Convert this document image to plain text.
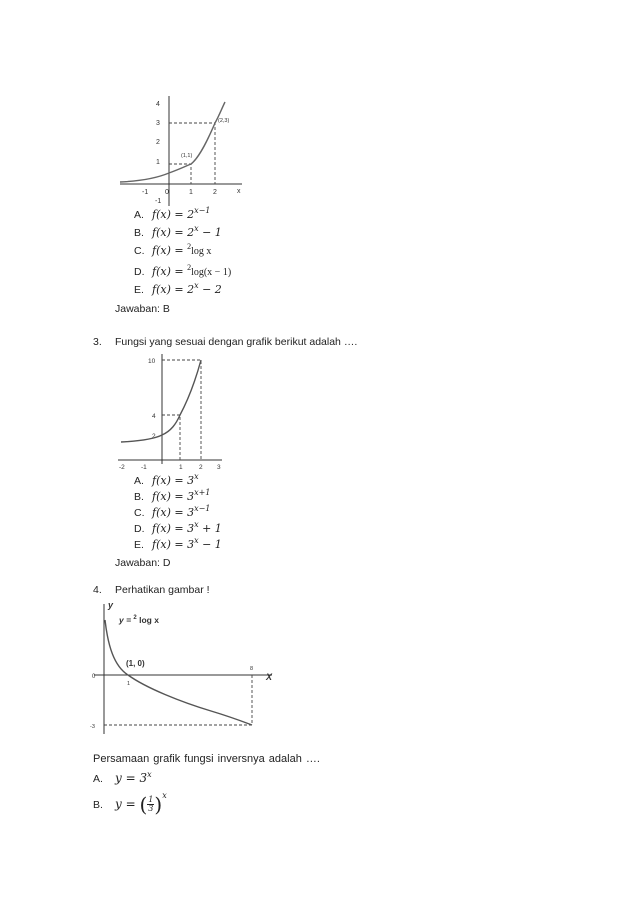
4
3
2
1
-1
-1 0	1	2	x
(1,1)
(2,3)
A. $f(x) = 2^{x-1}$
B. $f(x) = 2^x - 1$
C. f(x) = $^2$log x
D. f(x) = $^2$log(x − 1)
E. $f(x) = 2^x - 2$
Jawaban: B
3. Fungsi yang sesuai dengan grafik berikut adalah ….
10
4
2
-2 -1	1	2 3
A. $f(x) = 3^x$
B. $f(x) = 3^{x+1}$
C. $f(x) = 3^{x-1}$
D. $f(x) = 3^x + 1$
E. $f(x) = 3^x - 1$
Jawaban: D
4. Perhatikan gambar !
y
X
y = $^2$ log x
(1, 0)
0
1
8
-3
Persamaan grafik fungsi inversnya adalah ….
A. $y = 3^x$
B. y = ( $\frac{1}{3} )^x$
